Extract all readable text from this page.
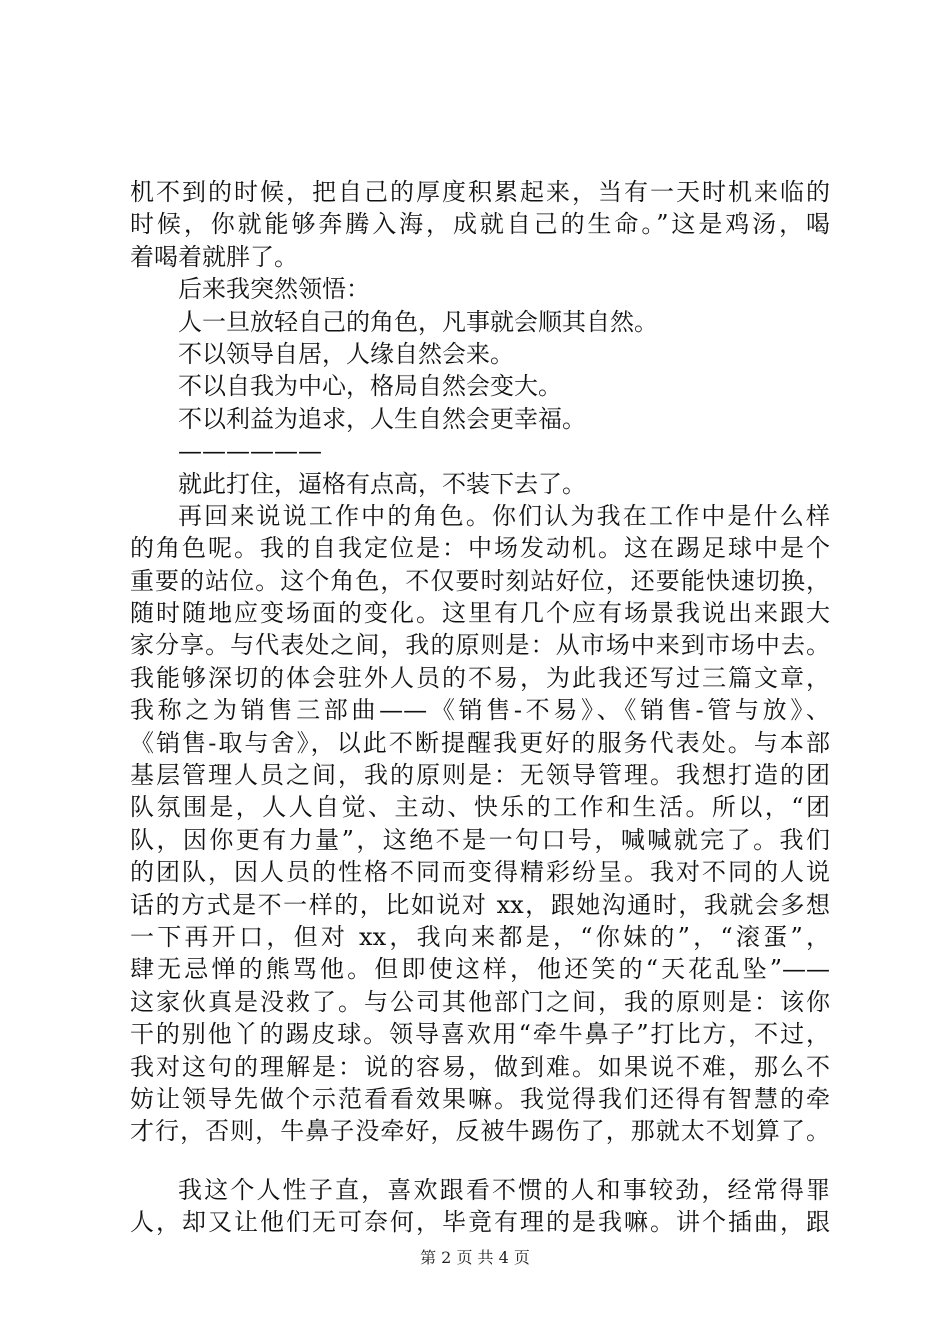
机不到的时候，把自己的厚度积累起来，当有一天时机来临的
时候，你就能够奔腾入海，成就自己的生命。”这是鸡汤，喝
着喝着就胖了。
后来我突然领悟：
人一旦放轻自己的角色，凡事就会顺其自然。
不以领导自居，人缘自然会来。
不以自我为中心，格局自然会变大。
不以利益为追求，人生自然会更幸福。
——————
就此打住，逼格有点高，不装下去了。
再回来说说工作中的角色。你们认为我在工作中是什么样
的角色呢。我的自我定位是：中场发动机。这在踢足球中是个
重要的站位。这个角色，不仅要时刻站好位，还要能快速切换，
随时随地应变场面的变化。这里有几个应有场景我说出来跟大
家分享。与代表处之间，我的原则是：从市场中来到市场中去。
我能够深切的体会驻外人员的不易，为此我还写过三篇文章，
我称之为销售三部曲——《销售-不易》、《销售-管与放》、
《销售-取与舍》，以此不断提醒我更好的服务代表处。与本部
基层管理人员之间，我的原则是：无领导管理。我想打造的团
队氛围是，人人自觉、主动、快乐的工作和生活。所以，“团
队，因你更有力量”，这绝不是一句口号，喊喊就完了。我们
的团队，因人员的性格不同而变得精彩纷呈。我对不同的人说
话的方式是不一样的，比如说对 xx，跟她沟通时，我就会多想
一下再开口，但对 xx，我向来都是，“你妹的”，“滚蛋”，
肆无忌惮的熊骂他。但即使这样，他还笑的“天花乱坠”——
这家伙真是没救了。与公司其他部门之间，我的原则是：该你
干的别他丫的踢皮球。领导喜欢用“牵牛鼻子”打比方，不过，
我对这句的理解是：说的容易，做到难。如果说不难，那么不
妨让领导先做个示范看看效果嘛。我觉得我们还得有智慧的牵
才行，否则，牛鼻子没牵好，反被牛踢伤了，那就太不划算了。
我这个人性子直，喜欢跟看不惯的人和事较劲，经常得罪
人，却又让他们无可奈何，毕竟有理的是我嘛。讲个插曲，跟
第 2 页 共 4 页
